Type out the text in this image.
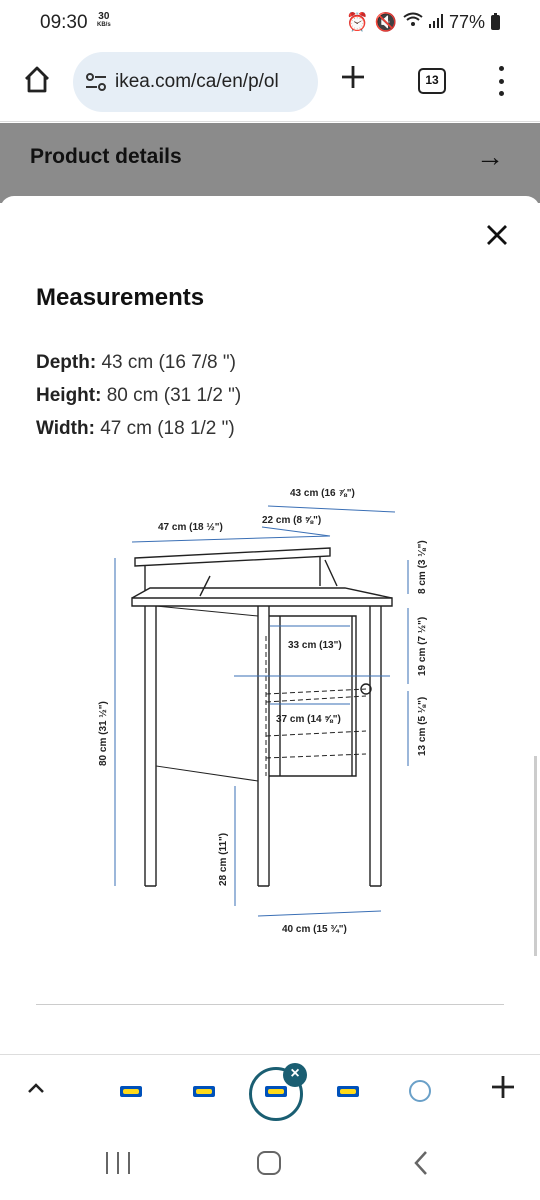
09:30 30
KB/s	⏰ 🔇	77%
ikea.com/ca/en/p/ol	13
Product details	→
Measurements
Depth: 43 cm (16 7/8 ")
Height: 80 cm (31 1/2 ")
Width: 47 cm (18 1/2 ")
43 cm (16 ⅞")
47 cm (18 ½")
22 cm (8 ⅝")
8 cm (3 ⅛")
33 cm (13")	19 cm (7 ½")
37 cm (14 ⅝")	13 cm (5 ⅛")
80 cm (31 ½")
28 cm (11")
40 cm (15 ¾")
×
